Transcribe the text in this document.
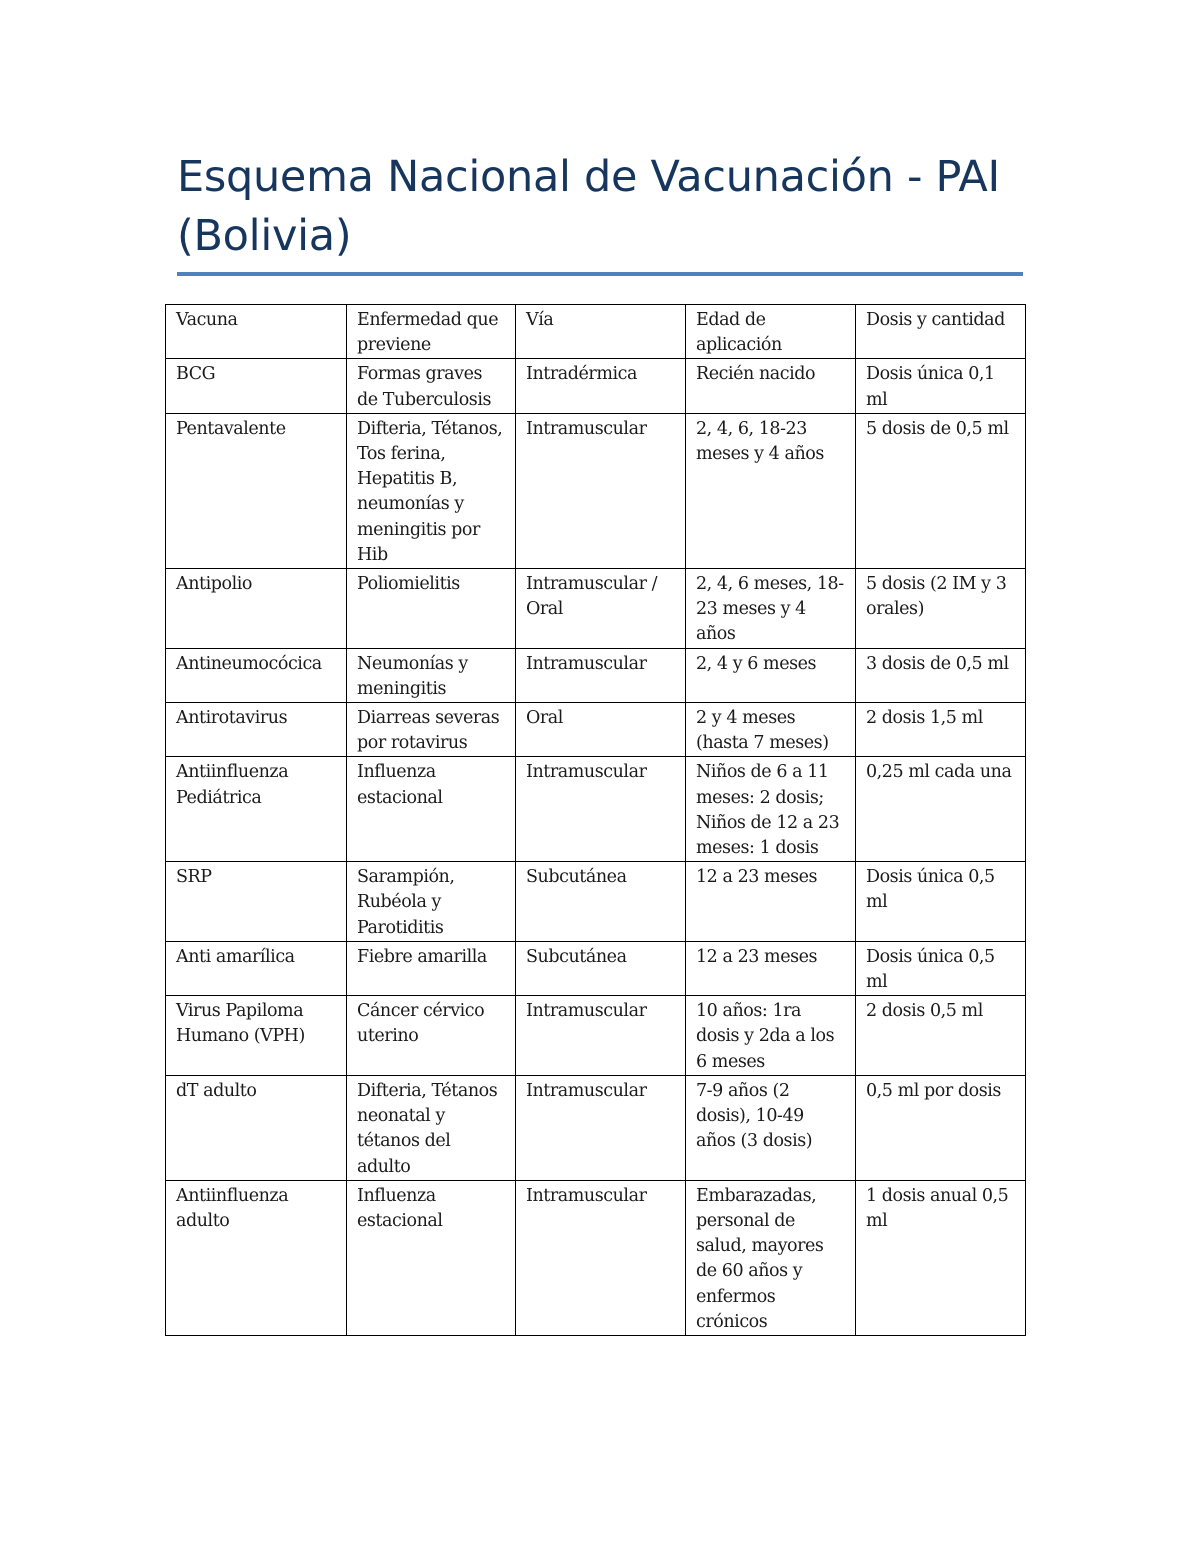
Esquema Nacional de Vacunación - PAI (Bolivia)
Vacuna	Enfermedad que previene	Vía	Edad de aplicación	Dosis y cantidad
BCG	Formas graves de Tuberculosis	Intradérmica	Recién nacido	Dosis única 0,1 ml
Pentavalente	Difteria, Tétanos, Tos ferina, Hepatitis B, neumonías y meningitis por Hib	Intramuscular	2, 4, 6, 18-23 meses y 4 años	5 dosis de 0,5 ml
Antipolio	Poliomielitis	Intramuscular / Oral	2, 4, 6 meses, 18-23 meses y 4 años	5 dosis (2 IM y 3 orales)
Antineumocócica	Neumonías y meningitis	Intramuscular	2, 4 y 6 meses	3 dosis de 0,5 ml
Antirotavirus	Diarreas severas por rotavirus	Oral	2 y 4 meses (hasta 7 meses)	2 dosis 1,5 ml
Antiinfluenza Pediátrica	Influenza estacional	Intramuscular	Niños de 6 a 11 meses: 2 dosis; Niños de 12 a 23 meses: 1 dosis	0,25 ml cada una
SRP	Sarampión, Rubéola y Parotiditis	Subcutánea	12 a 23 meses	Dosis única 0,5 ml
Anti amarílica	Fiebre amarilla	Subcutánea	12 a 23 meses	Dosis única 0,5 ml
Virus Papiloma Humano (VPH)	Cáncer cérvico uterino	Intramuscular	10 años: 1ra dosis y 2da a los 6 meses	2 dosis 0,5 ml
dT adulto	Difteria, Tétanos neonatal y tétanos del adulto	Intramuscular	7-9 años (2 dosis), 10-49 años (3 dosis)	0,5 ml por dosis
Antiinfluenza adulto	Influenza estacional	Intramuscular	Embarazadas, personal de salud, mayores de 60 años y enfermos crónicos	1 dosis anual 0,5 ml
